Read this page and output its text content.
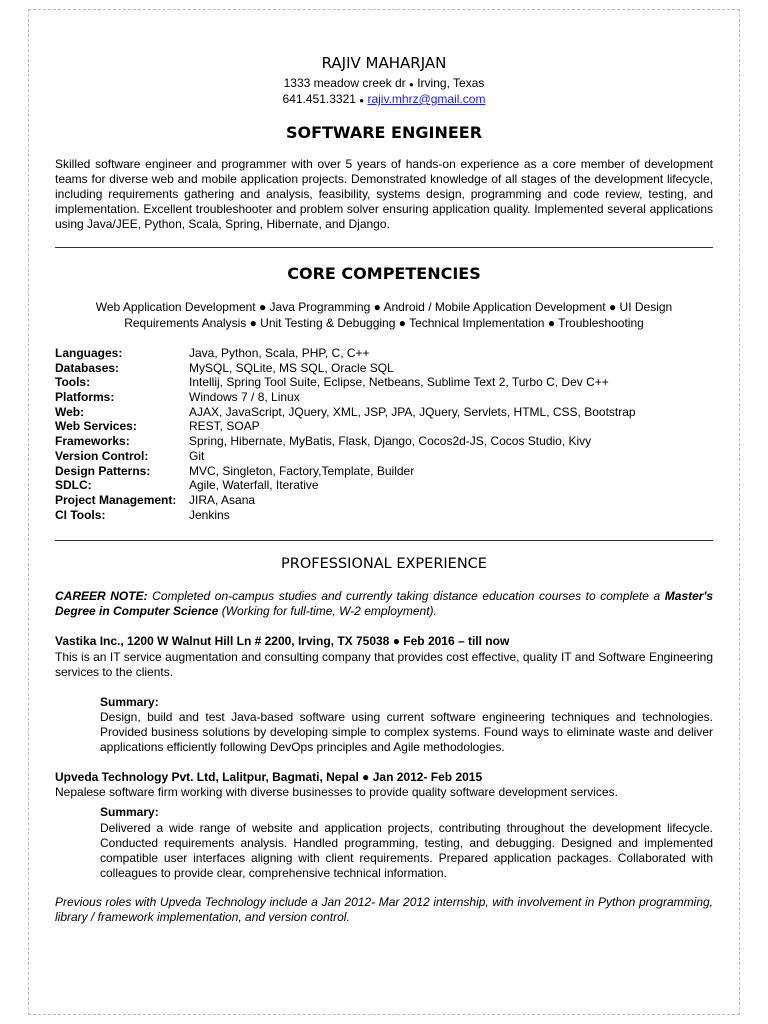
RAJIV MAHARJAN
1333 meadow creek dr ● Irving, Texas
641.451.3321 ● rajiv.mhrz@gmail.com
SOFTWARE ENGINEER
Skilled software engineer and programmer with over 5 years of hands-on experience as a core member of development teams for diverse web and mobile application projects. Demonstrated knowledge of all stages of the development lifecycle, including requirements gathering and analysis, feasibility, systems design, programming and code review, testing, and implementation. Excellent troubleshooter and problem solver ensuring application quality. Implemented several applications using Java/JEE, Python, Scala, Spring, Hibernate, and Django.
CORE COMPETENCIES
Web Application Development ● Java Programming ● Android / Mobile Application Development ● UI Design
Requirements Analysis ● Unit Testing & Debugging ● Technical Implementation ● Troubleshooting
Languages:	Java, Python, Scala, PHP, C, C++
Databases:	MySQL, SQLite, MS SQL, Oracle SQL
Tools:	Intellij, Spring Tool Suite, Eclipse, Netbeans, Sublime Text 2, Turbo C, Dev C++
Platforms:	Windows 7 / 8, Linux
Web:	AJAX, JavaScript, JQuery, XML, JSP, JPA, JQuery, Servlets, HTML, CSS, Bootstrap
Web Services:	REST, SOAP
Frameworks:	Spring, Hibernate, MyBatis, Flask, Django, Cocos2d-JS, Cocos Studio, Kivy
Version Control:	Git
Design Patterns:	MVC, Singleton, Factory,Template, Builder
SDLC:	Agile, Waterfall, Iterative
Project Management: JIRA, Asana
CI Tools:	Jenkins
PROFESSIONAL EXPERIENCE
CAREER NOTE: Completed on-campus studies and currently taking distance education courses to complete a Master's Degree in Computer Science (Working for full-time, W-2 employment).
Vastika Inc., 1200 W Walnut Hill Ln # 2200, Irving, TX 75038 ● Feb 2016 – till now
This is an IT service augmentation and consulting company that provides cost effective, quality IT and Software Engineering services to the clients.
Summary:
Design, build and test Java-based software using current software engineering techniques and technologies. Provided business solutions by developing simple to complex systems. Found ways to eliminate waste and deliver applications efficiently following DevOps principles and Agile methodologies.
Upveda Technology Pvt. Ltd, Lalitpur, Bagmati, Nepal ● Jan 2012- Feb 2015
Nepalese software firm working with diverse businesses to provide quality software development services.
Summary:
Delivered a wide range of website and application projects, contributing throughout the development lifecycle. Conducted requirements analysis. Handled programming, testing, and debugging. Designed and implemented compatible user interfaces aligning with client requirements. Prepared application packages. Collaborated with colleagues to provide clear, comprehensive technical information.
Previous roles with Upveda Technology include a Jan 2012- Mar 2012 internship, with involvement in Python programming, library / framework implementation, and version control.
